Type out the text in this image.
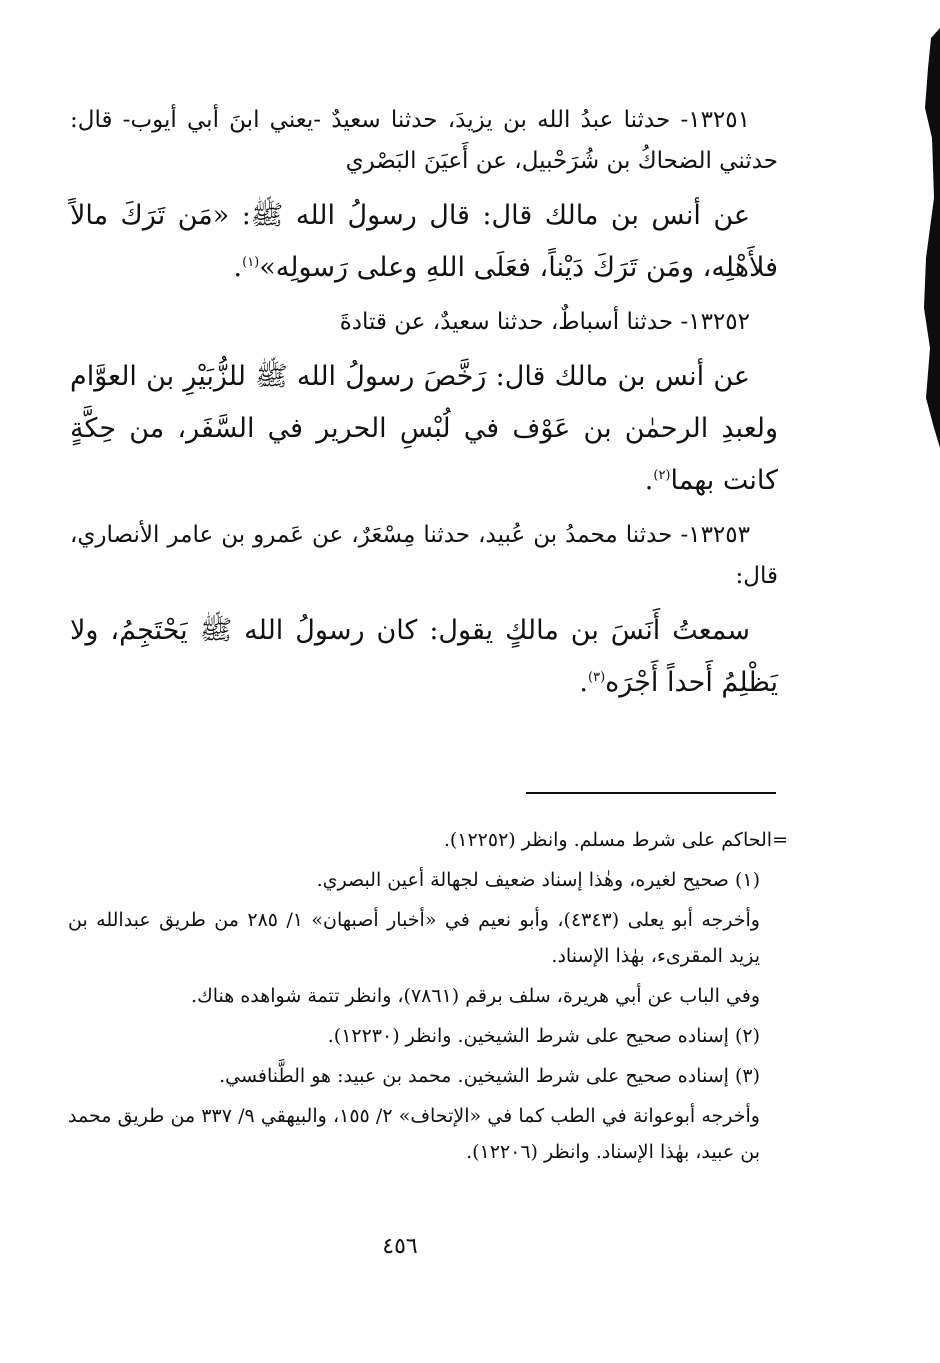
١٣٢٥١- حدثنا عبدُ الله بن يزيدَ، حدثنا سعيدٌ -يعني ابنَ أبي أيوب- قال: حدثني الضحاكُ بن شُرَحْبيل، عن أَعيَنَ البَصْري

عن أنس بن مالك قال: قال رسولُ الله ﷺ: «مَن تَرَكَ مالاً فلأَهْلِه، ومَن تَرَكَ دَيْناً، فعَلَى اللهِ وعلى رَسولِه»$^{(١)}$.

١٣٢٥٢- حدثنا أسباطٌ، حدثنا سعيدٌ، عن قتادةَ

عن أنس بن مالك قال: رَخَّصَ رسولُ الله ﷺ للزُّبَيْرِ بن العوَّام ولعبدِ الرحمٰن بن عَوْف في لُبْسِ الحرير في السَّفَر، من حِكَّةٍ كانت بهما$^{(٢)}$.

١٣٢٥٣- حدثنا محمدُ بن عُبيد، حدثنا مِسْعَرٌ، عن عَمرو بن عامر الأنصاري، قال:

سمعتُ أَنَسَ بن مالكٍ يقول: كان رسولُ الله ﷺ يَحْتَجِمُ، ولا يَظْلِمُ أَحداً أَجْرَه$^{(٣)}$.

=الحاكم على شرط مسلم. وانظر (١٢٢٥٢).

(١) صحيح لغيره، وهٰذا إسناد ضعيف لجهالة أعين البصري.

وأخرجه أبو يعلى (٤٣٤٣)، وأبو نعيم في «أخبار أصبهان» ١/ ٢٨٥ من طريق عبدالله بن يزيد المقرىء، بهٰذا الإسناد.

وفي الباب عن أبي هريرة، سلف برقم (٧٨٦١)، وانظر تتمة شواهده هناك.

(٢) إسناده صحيح على شرط الشيخين. وانظر (١٢٢٣٠).

(٣) إسناده صحيح على شرط الشيخين. محمد بن عبيد: هو الطَّنافسي.

وأخرجه أبوعوانة في الطب كما في «الإتحاف» ٢/ ١٥٥، والبيهقي ٩/ ٣٣٧ من طريق محمد بن عبيد، بهٰذا الإسناد. وانظر (١٢٢٠٦).

٤٥٦
